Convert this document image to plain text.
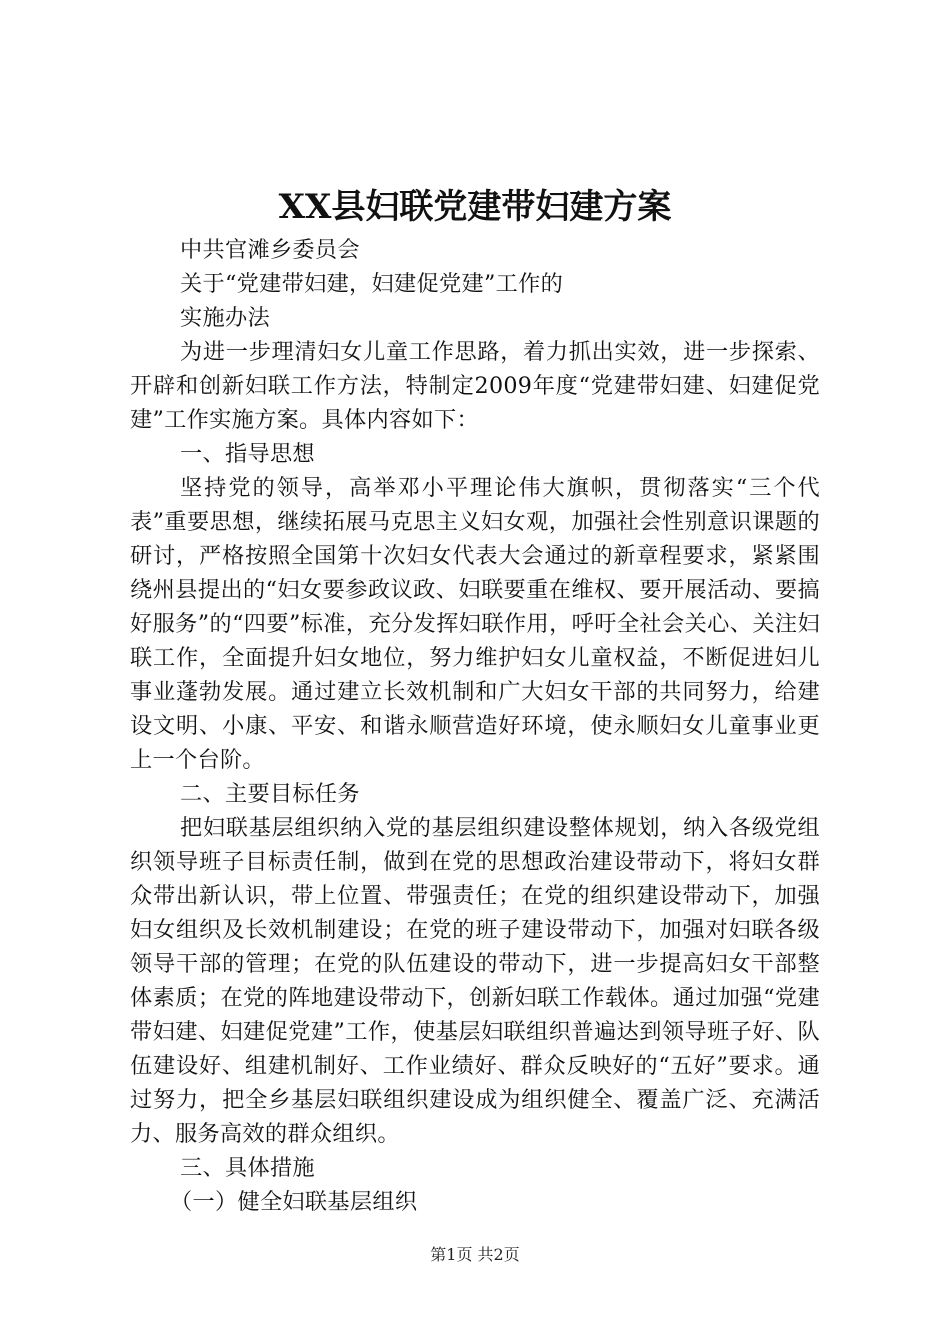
XX县妇联党建带妇建方案

中共官滩乡委员会

关于“党建带妇建，妇建促党建”工作的

实施办法

为进一步理清妇女儿童工作思路，着力抓出实效，进一步探索、开辟和创新妇联工作方法，特制定2009年度“党建带妇建、妇建促党建”工作实施方案。具体内容如下：

一、指导思想

坚持党的领导，高举邓小平理论伟大旗帜，贯彻落实“三个代表”重要思想，继续拓展马克思主义妇女观，加强社会性别意识课题的研讨，严格按照全国第十次妇女代表大会通过的新章程要求，紧紧围绕州县提出的“妇女要参政议政、妇联要重在维权、要开展活动、要搞好服务”的“四要”标准，充分发挥妇联作用，呼吁全社会关心、关注妇联工作，全面提升妇女地位，努力维护妇女儿童权益，不断促进妇儿事业蓬勃发展。通过建立长效机制和广大妇女干部的共同努力，给建设文明、小康、平安、和谐永顺营造好环境，使永顺妇女儿童事业更上一个台阶。

二、主要目标任务

把妇联基层组织纳入党的基层组织建设整体规划，纳入各级党组织领导班子目标责任制，做到在党的思想政治建设带动下，将妇女群众带出新认识，带上位置、带强责任；在党的组织建设带动下，加强妇女组织及长效机制建设；在党的班子建设带动下，加强对妇联各级领导干部的管理；在党的队伍建设的带动下，进一步提高妇女干部整体素质；在党的阵地建设带动下，创新妇联工作载体。通过加强“党建带妇建、妇建促党建”工作，使基层妇联组织普遍达到领导班子好、队伍建设好、组建机制好、工作业绩好、群众反映好的“五好”要求。通过努力，把全乡基层妇联组织建设成为组织健全、覆盖广泛、充满活力、服务高效的群众组织。

三、具体措施

（一）健全妇联基层组织

第1页 共2页
